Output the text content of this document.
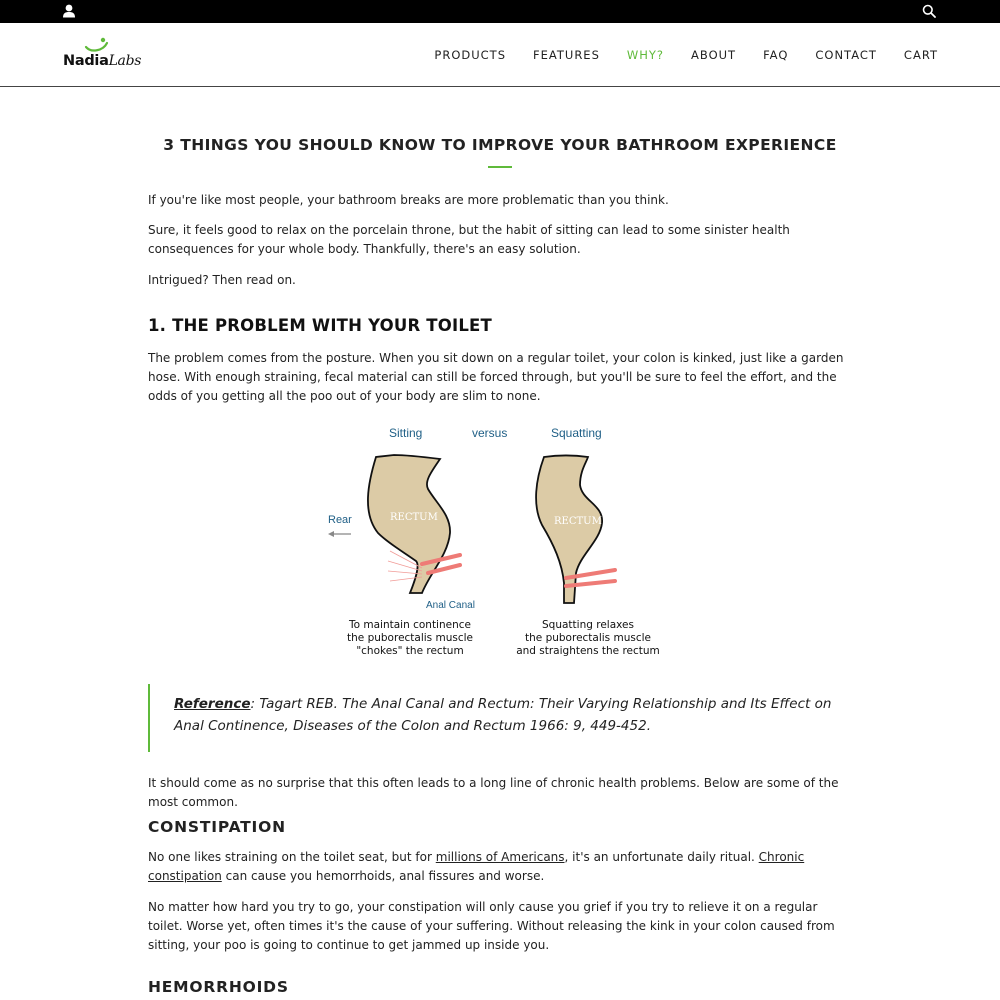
NadiaLabs	PRODUCTS FEATURES WHY? ABOUT FAQ CONTACT CART
3 THINGS YOU SHOULD KNOW TO IMPROVE YOUR BATHROOM EXPERIENCE

If you're like most people, your bathroom breaks are more problematic than you think.

Sure, it feels good to relax on the porcelain throne, but the habit of sitting can lead to some sinister health consequences for your whole body. Thankfully, there's an easy solution.

Intrigued? Then read on.

1. THE PROBLEM WITH YOUR TOILET

The problem comes from the posture. When you sit down on a regular toilet, your colon is kinked, just like a garden hose. With enough straining, fecal material can still be forced through, but you'll be sure to feel the effort, and the odds of you getting all the poo out of your body are slim to none.

Sitting	versus	Squatting
Rear	RECTUM
Anal Canal
RECTUM
To maintain continence
the puborectalis muscle
"chokes" the rectum
Squatting relaxes
the puborectalis muscle
and straightens the rectum
Reference: Tagart REB. The Anal Canal and Rectum: Their Varying Relationship and Its Effect on Anal Continence, Diseases of the Colon and Rectum 1966: 9, 449-452.

It should come as no surprise that this often leads to a long line of chronic health problems. Below are some of the most common.

CONSTIPATION

No one likes straining on the toilet seat, but for millions of Americans, it's an unfortunate daily ritual. Chronic constipation can cause you hemorrhoids, anal fissures and worse.

No matter how hard you try to go, your constipation will only cause you grief if you try to relieve it on a regular toilet. Worse yet, often times it's the cause of your suffering. Without releasing the kink in your colon caused from sitting, your poo is going to continue to get jammed up inside you.

HEMORRHOIDS
